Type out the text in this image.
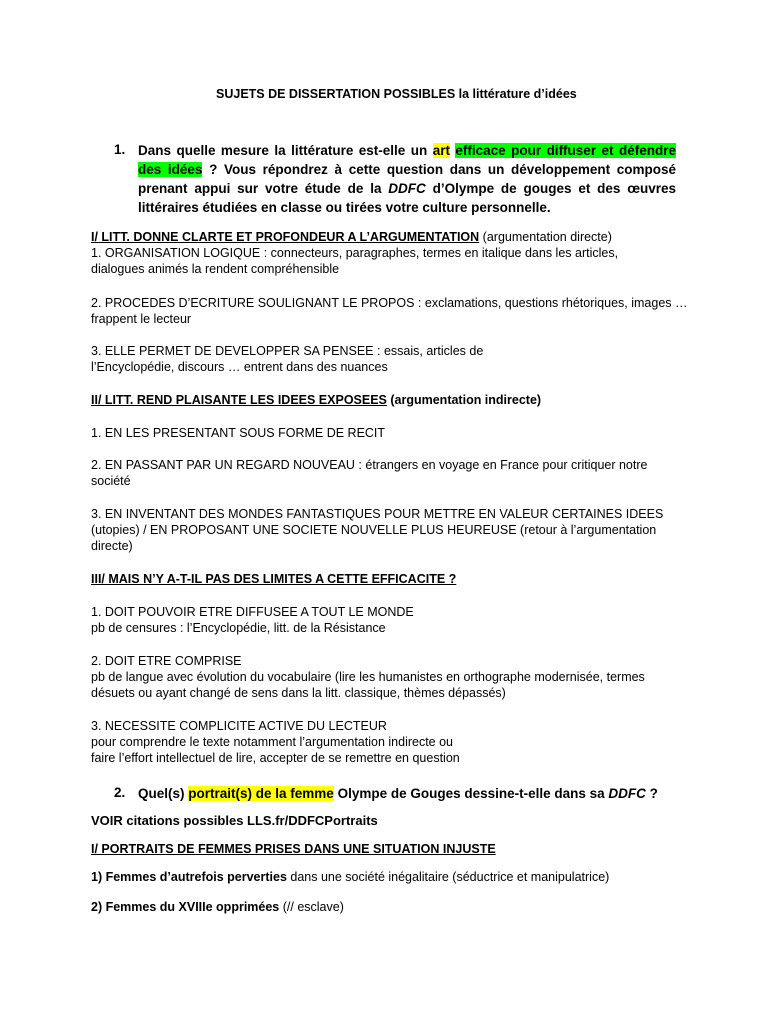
SUJETS DE DISSERTATION POSSIBLES la littérature d’idées
1. Dans quelle mesure la littérature est-elle un art efficace pour diffuser et défendre des idées ? Vous répondrez à cette question dans un développement composé prenant appui sur votre étude de la DDFC d’Olympe de gouges et des œuvres littéraires étudiées en classe ou tirées votre culture personnelle.
I/ LITT. DONNE CLARTE ET PROFONDEUR A L’ARGUMENTATION (argumentation directe)
1. ORGANISATION LOGIQUE : connecteurs, paragraphes, termes en italique dans les articles,
dialogues animés la rendent compréhensible
2. PROCEDES D’ECRITURE SOULIGNANT LE PROPOS : exclamations, questions rhétoriques, images …
frappent le lecteur
3. ELLE PERMET DE DEVELOPPER SA PENSEE : essais, articles de
l’Encyclopédie, discours … entrent dans des nuances
II/ LITT. REND PLAISANTE LES IDEES EXPOSEES (argumentation indirecte)
1. EN LES PRESENTANT SOUS FORME DE RECIT
2. EN PASSANT PAR UN REGARD NOUVEAU : étrangers en voyage en France pour critiquer notre
société
3. EN INVENTANT DES MONDES FANTASTIQUES POUR METTRE EN VALEUR CERTAINES IDEES
(utopies) / EN PROPOSANT UNE SOCIETE NOUVELLE PLUS HEUREUSE (retour à l’argumentation
directe)
III/ MAIS N’Y A-T-IL PAS DES LIMITES A CETTE EFFICACITE ?
1. DOIT POUVOIR ETRE DIFFUSEE A TOUT LE MONDE
pb de censures : l’Encyclopédie, litt. de la Résistance
2. DOIT ETRE COMPRISE
pb de langue avec évolution du vocabulaire (lire les humanistes en orthographe modernisée, termes
désuets ou ayant changé de sens dans la litt. classique, thèmes dépassés)
3. NECESSITE COMPLICITE ACTIVE DU LECTEUR
pour comprendre le texte notamment l’argumentation indirecte ou
faire l’effort intellectuel de lire, accepter de se remettre en question
2. Quel(s) portrait(s) de la femme Olympe de Gouges dessine-t-elle dans sa DDFC ?
VOIR citations possibles LLS.fr/DDFCPortraits
I/ PORTRAITS DE FEMMES PRISES DANS UNE SITUATION INJUSTE
1) Femmes d’autrefois perverties dans une société inégalitaire (séductrice et manipulatrice)
2) Femmes du XVIIIe opprimées (// esclave)
